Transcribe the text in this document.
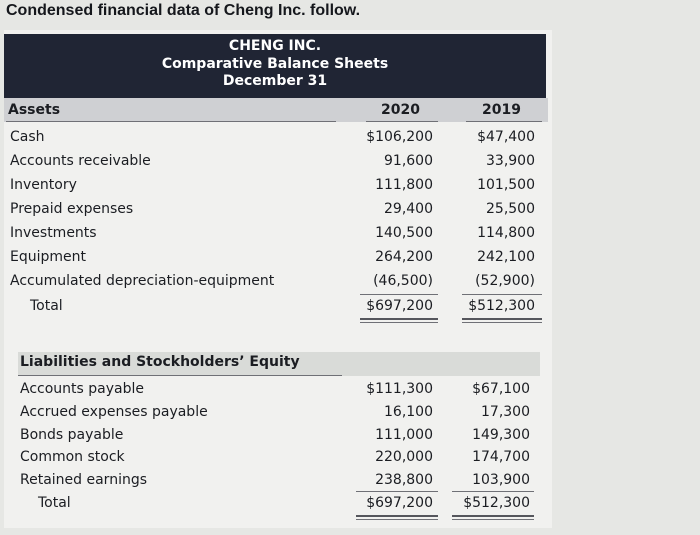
Condensed financial data of Cheng Inc. follow.
CHENG INC.
Comparative Balance Sheets
December 31
Assets	2020	2019
Cash	$106,200	$47,400
Accounts receivable	91,600	33,900
Inventory	111,800	101,500
Prepaid expenses	29,400	25,500
Investments	140,500	114,800
Equipment	264,200	242,100
Accumulated depreciation-equipment	(46,500)	(52,900)
Total	$697,200	$512,300
Liabilities and Stockholders’ Equity
Accounts payable	$111,300	$67,100
Accrued expenses payable	16,100	17,300
Bonds payable	111,000	149,300
Common stock	220,000	174,700
Retained earnings	238,800	103,900
Total	$697,200 $512,300
